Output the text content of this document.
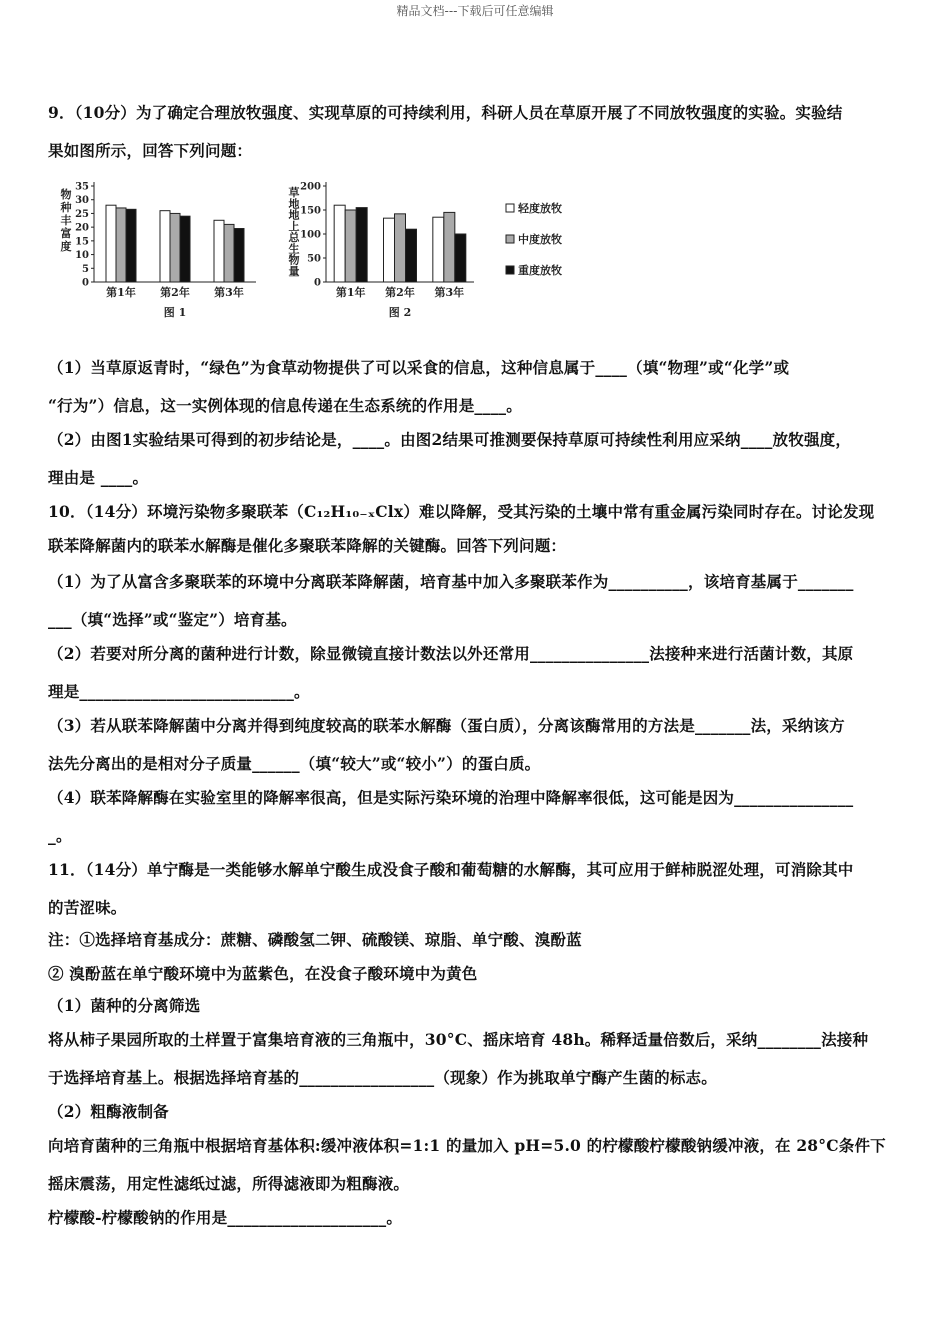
精品文档---下载后可任意编辑
9．（10分）为了确定合理放牧强度、实现草原的可持续利用，科研人员在草原开展了不同放牧强度的实验。实验结
果如图所示，回答下列问题：
（1）当草原返青时，“绿色”为食草动物提供了可以采食的信息，这种信息属于____（填“物理”或“化学”或
“行为”）信息，这一实例体现的信息传递在生态系统的作用是____。
（2）由图1实验结果可得到的初步结论是，____。由图2结果可推测要保持草原可持续性利用应采纳____放牧强度，
理由是 ____。
10．（14分）环境污染物多聚联苯（C₁₂H₁₀₋ₓClx）难以降解，受其污染的土壤中常有重金属污染同时存在。讨论发现
联苯降解菌内的联苯水解酶是催化多聚联苯降解的关键酶。回答下列问题：
（1）为了从富含多聚联苯的环境中分离联苯降解菌，培育基中加入多聚联苯作为__________，该培育基属于_______
___（填“选择”或“鉴定”）培育基。
（2）若要对所分离的菌种进行计数，除显微镜直接计数法以外还常用_______________法接种来进行活菌计数，其原
理是___________________________。
（3）若从联苯降解菌中分离并得到纯度较高的联苯水解酶（蛋白质），分离该酶常用的方法是_______法，采纳该方
法先分离出的是相对分子质量______（填“较大”或“较小”）的蛋白质。
（4）联苯降解酶在实验室里的降解率很高，但是实际污染环境的治理中降解率很低，这可能是因为_______________
_。
11．（14分）单宁酶是一类能够水解单宁酸生成没食子酸和葡萄糖的水解酶，其可应用于鲜柿脱涩处理，可消除其中
的苦涩味。
注：①选择培育基成分：蔗糖、磷酸氢二钾、硫酸镁、琼脂、单宁酸、溴酚蓝
② 溴酚蓝在单宁酸环境中为蓝紫色，在没食子酸环境中为黄色
（1）菌种的分离筛选
将从柿子果园所取的土样置于富集培育液的三角瓶中，30°C、摇床培育 48h。稀释适量倍数后，采纳________法接种
于选择培育基上。根据选择培育基的_________________（现象）作为挑取单宁酶产生菌的标志。
（2）粗酶液制备
向培育菌种的三角瓶中根据培育基体积:缓冲液体积=1:1 的量加入 pH=5.0 的柠檬酸柠檬酸钠缓冲液，在 28°C条件下
摇床震荡，用定性滤纸过滤，所得滤液即为粗酶液。
柠檬酸-柠檬酸钠的作用是____________________。
0
5
10
15
20
25
30
35
物
种
丰
富
度
第1年 第2年 第3年
图 1
0
50
100
150
200
草
地
地
上
总
生
物
量
第1年 第2年 第3年
图 2
轻度放牧
中度放牧
重度放牧
